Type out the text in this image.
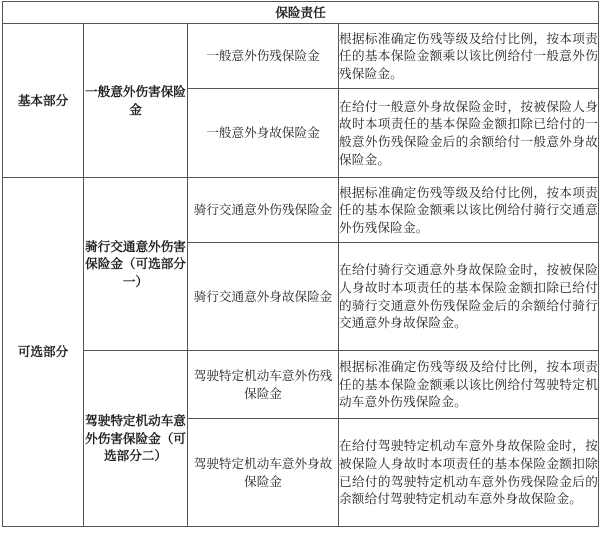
保险责任			
基本部分	一般意外伤害保险金	一般意外伤残保险金	根据标准确定伤残等级及给付比例，按本项责任的基本保险金额乘以该比例给付一般意外伤残保险金。
		一般意外身故保险金	在给付一般意外身故保险金时，按被保险人身故时本项责任的基本保险金额扣除已给付的一般意外伤残保险金后的余额给付一般意外身故保险金。
可选部分	骑行交通意外伤害保险金（可选部分一）	骑行交通意外伤残保险金	根据标准确定伤残等级及给付比例，按本项责任的基本保险金额乘以该比例给付骑行交通意外伤残保险金。
		骑行交通意外身故保险金	在给付骑行交通意外身故保险金时，按被保险人身故时本项责任的基本保险金额扣除已给付的骑行交通意外伤残保险金后的余额给付骑行交通意外身故保险金。
	驾驶特定机动车意外伤害保险金（可选部分二）	驾驶特定机动车意外伤残保险金	根据标准确定伤残等级及给付比例，按本项责任的基本保险金额乘以该比例给付驾驶特定机动车意外伤残保险金。
		驾驶特定机动车意外身故保险金	在给付驾驶特定机动车意外身故保险金时，按被保险人身故时本项责任的基本保险金额扣除已给付的驾驶特定机动车意外伤残保险金后的余额给付驾驶特定机动车意外身故保险金。
